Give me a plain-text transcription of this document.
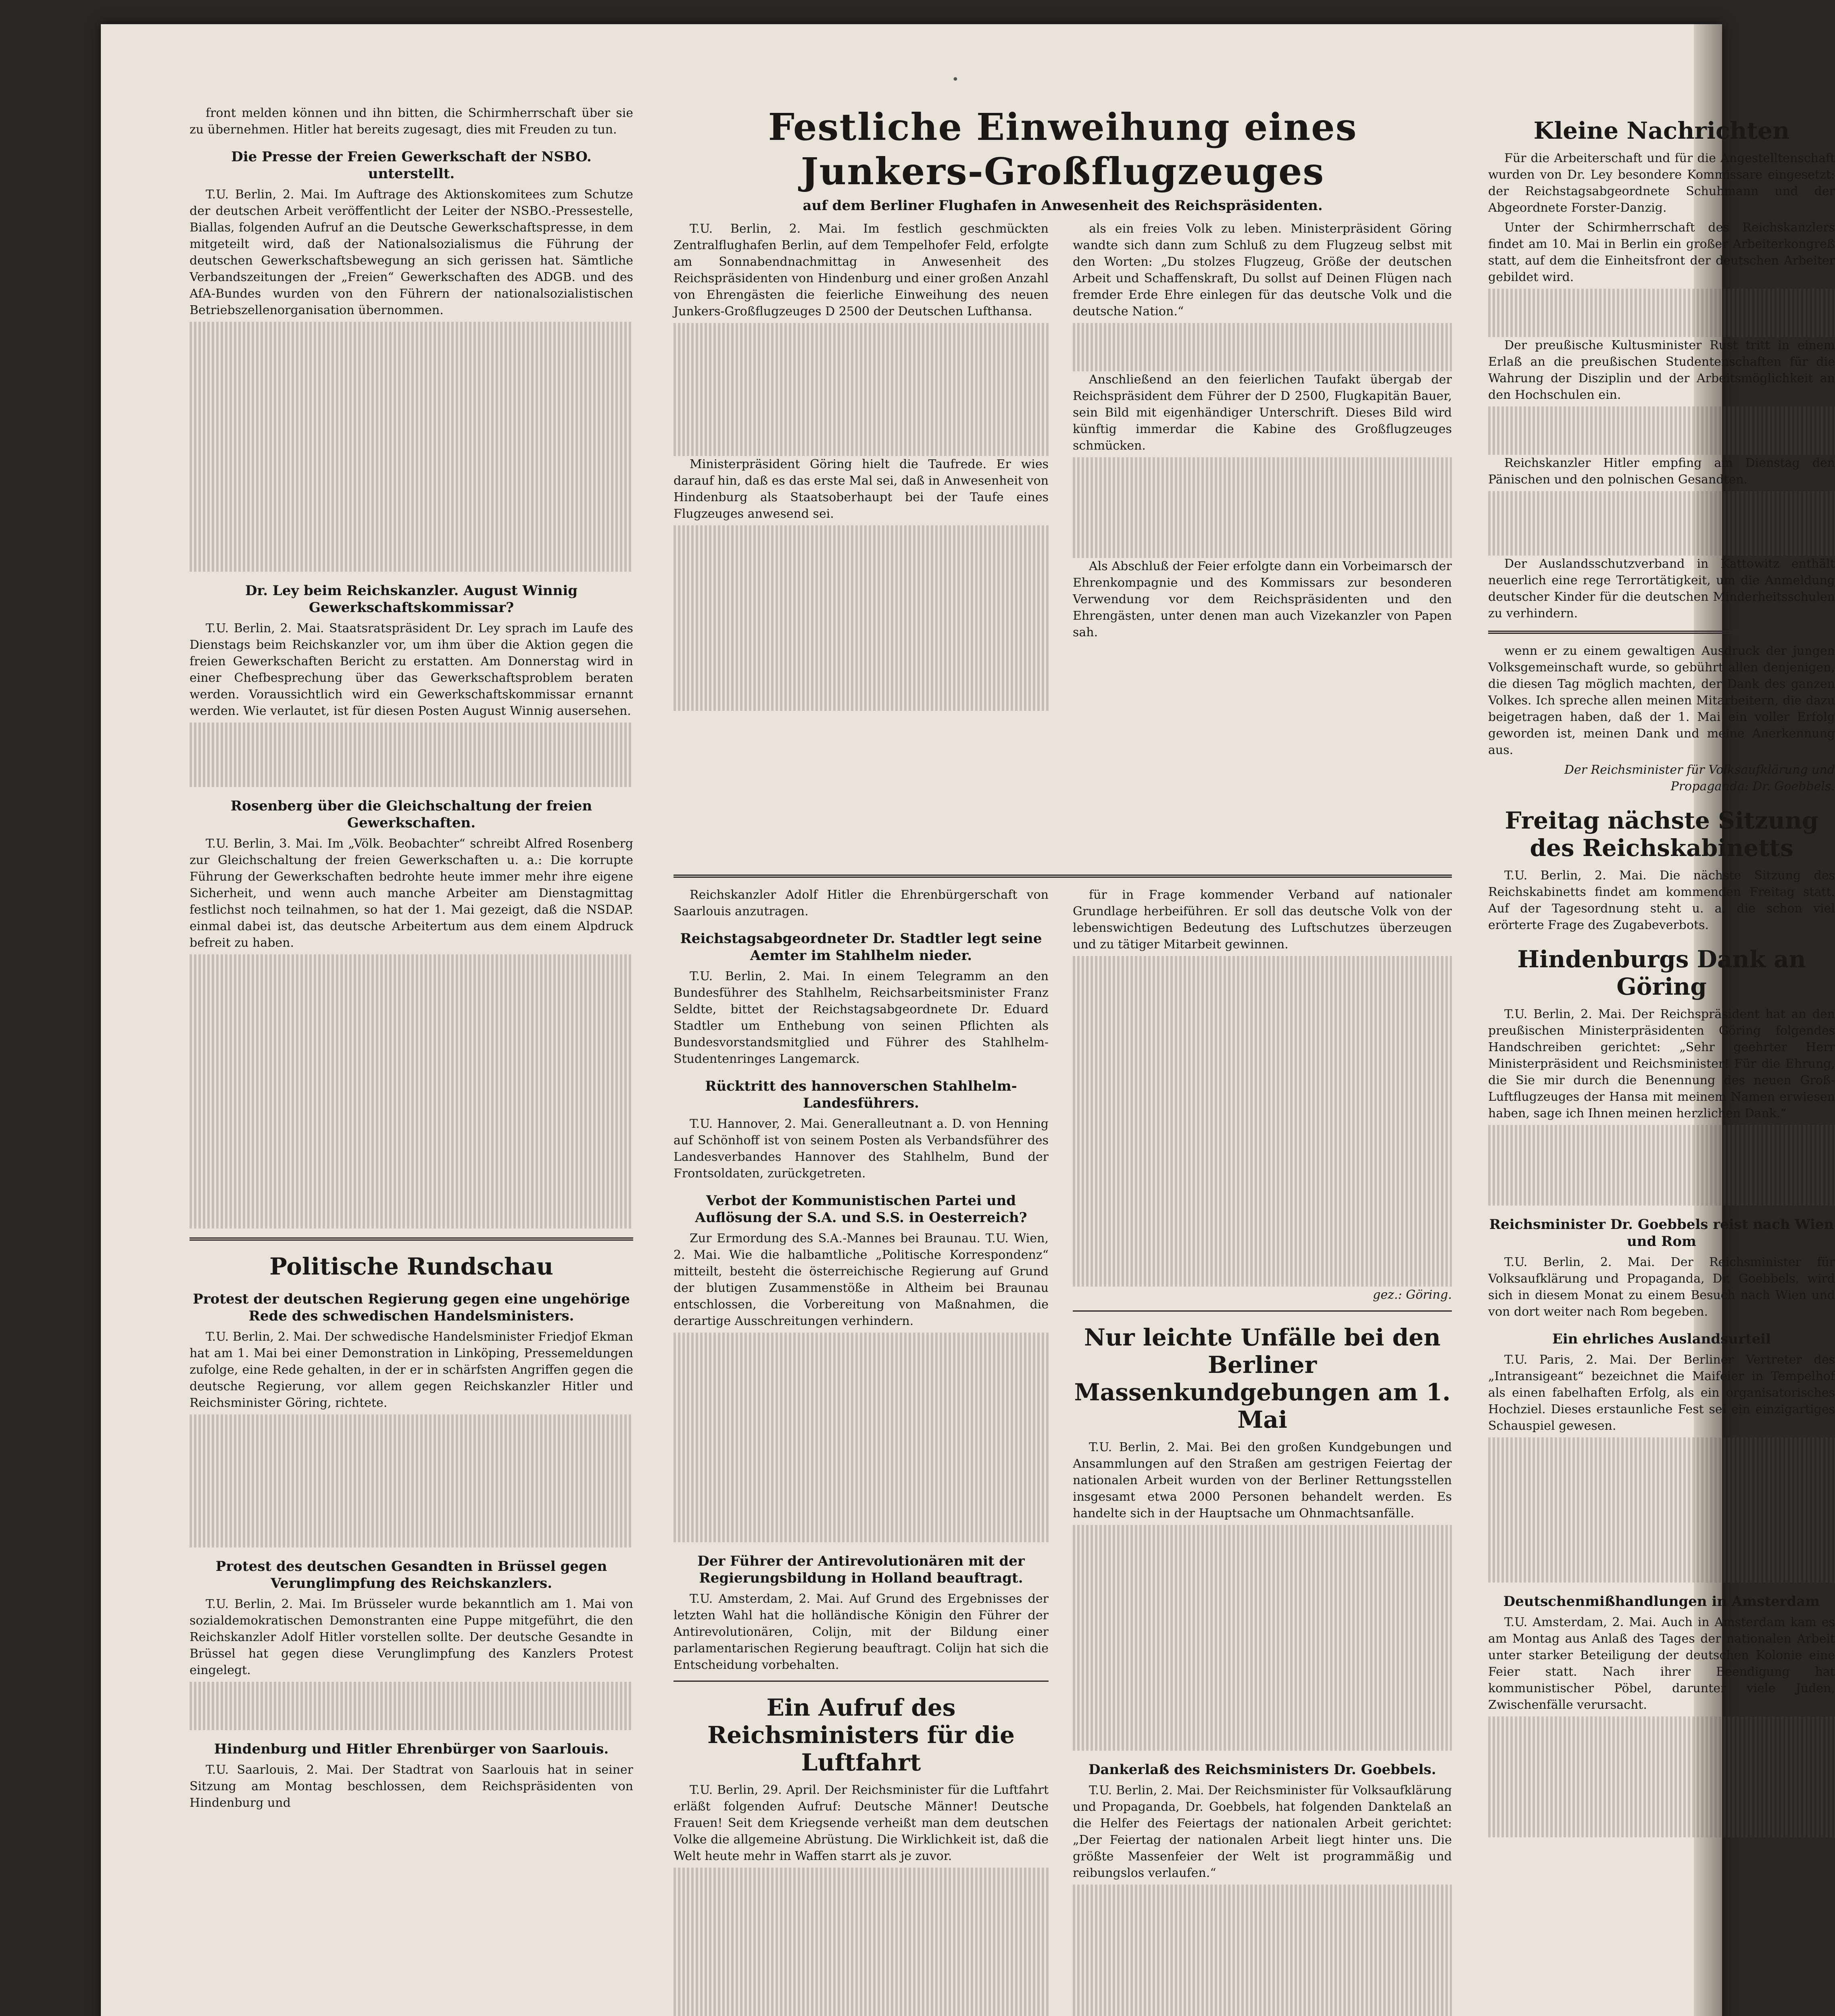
•

front melden können und ihn bitten, die Schirmherrschaft über sie zu übernehmen. Hitler hat bereits zugesagt, dies mit Freuden zu tun.

Die Presse der Freien Gewerkschaft der NSBO. unterstellt.

T.U. Berlin, 2. Mai. Im Auftrage des Aktionskomitees zum Schutze der deutschen Arbeit veröffentlicht der Leiter der NSBO.-Pressestelle, Biallas, folgenden Aufruf an die Deutsche Gewerkschaftspresse, in dem mitgeteilt wird, daß der Nationalsozialismus die Führung der deutschen Gewerkschaftsbewegung an sich gerissen hat. Sämtliche Verbandszeitungen der „Freien“ Gewerkschaften des ADGB. und des AfA-Bundes wurden von den Führern der nationalsozialistischen Betriebszellenorganisation übernommen.

Dr. Ley beim Reichskanzler. August Winnig Gewerkschaftskommissar?

T.U. Berlin, 2. Mai. Staatsratspräsident Dr. Ley sprach im Laufe des Dienstags beim Reichskanzler vor, um ihm über die Aktion gegen die freien Gewerkschaften Bericht zu erstatten. Am Donnerstag wird in einer Chefbesprechung über das Gewerkschaftsproblem beraten werden. Voraussichtlich wird ein Gewerkschaftskommissar ernannt werden. Wie verlautet, ist für diesen Posten August Winnig ausersehen.

Rosenberg über die Gleichschaltung der freien Gewerkschaften.

T.U. Berlin, 3. Mai. Im „Völk. Beobachter“ schreibt Alfred Rosenberg zur Gleichschaltung der freien Gewerkschaften u. a.: Die korrupte Führung der Gewerkschaften bedrohte heute immer mehr ihre eigene Sicherheit, und wenn auch manche Arbeiter am Dienstagmittag festlichst noch teilnahmen, so hat der 1. Mai gezeigt, daß die NSDAP. einmal dabei ist, das deutsche Arbeitertum aus dem einem Alpdruck befreit zu haben.

Politische Rundschau
Protest der deutschen Regierung gegen eine ungehörige Rede des schwedischen Handelsministers.

T.U. Berlin, 2. Mai. Der schwedische Handelsminister Friedjof Ekman hat am 1. Mai bei einer Demonstration in Linköping, Pressemeldungen zufolge, eine Rede gehalten, in der er in schärfsten Angriffen gegen die deutsche Regierung, vor allem gegen Reichskanzler Hitler und Reichsminister Göring, richtete.

Protest des deutschen Gesandten in Brüssel gegen Verunglimpfung des Reichskanzlers.

T.U. Berlin, 2. Mai. Im Brüsseler wurde bekanntlich am 1. Mai von sozialdemokratischen Demonstranten eine Puppe mitgeführt, die den Reichskanzler Adolf Hitler vorstellen sollte. Der deutsche Gesandte in Brüssel hat gegen diese Verunglimpfung des Kanzlers Protest eingelegt.

Hindenburg und Hitler Ehrenbürger von Saarlouis.

T.U. Saarlouis, 2. Mai. Der Stadtrat von Saarlouis hat in seiner Sitzung am Montag beschlossen, dem Reichspräsidenten von Hindenburg und

Festliche Einweihung eines Junkers-Großflugzeuges
auf dem Berliner Flughafen in Anwesenheit des Reichspräsidenten.

T.U. Berlin, 2. Mai. Im festlich geschmückten Zentralflughafen Berlin, auf dem Tempelhofer Feld, erfolgte am Sonnabendnachmittag in Anwesenheit des Reichspräsidenten von Hindenburg und einer großen Anzahl von Ehrengästen die feierliche Einweihung des neuen Junkers-Großflugzeuges D 2500 der Deutschen Lufthansa.

Ministerpräsident Göring hielt die Taufrede. Er wies darauf hin, daß es das erste Mal sei, daß in Anwesenheit von Hindenburg als Staatsoberhaupt bei der Taufe eines Flugzeuges anwesend sei.

als ein freies Volk zu leben. Ministerpräsident Göring wandte sich dann zum Schluß zu dem Flugzeug selbst mit den Worten: „Du stolzes Flugzeug, Größe der deutschen Arbeit und Schaffenskraft, Du sollst auf Deinen Flügen nach fremder Erde Ehre einlegen für das deutsche Volk und die deutsche Nation.“

Anschließend an den feierlichen Taufakt übergab der Reichspräsident dem Führer der D 2500, Flugkapitän Bauer, sein Bild mit eigenhändiger Unterschrift. Dieses Bild wird künftig immerdar die Kabine des Großflugzeuges schmücken.

Als Abschluß der Feier erfolgte dann ein Vorbeimarsch der Ehrenkompagnie und des Kommissars zur besonderen Verwendung vor dem Reichspräsidenten und den Ehrengästen, unter denen man auch Vizekanzler von Papen sah.

Reichskanzler Adolf Hitler die Ehrenbürgerschaft von Saarlouis anzutragen.

Reichstagsabgeordneter Dr. Stadtler legt seine Aemter im Stahlhelm nieder.

T.U. Berlin, 2. Mai. In einem Telegramm an den Bundesführer des Stahlhelm, Reichsarbeitsminister Franz Seldte, bittet der Reichstagsabgeordnete Dr. Eduard Stadtler um Enthebung von seinen Pflichten als Bundesvorstandsmitglied und Führer des Stahlhelm-Studentenringes Langemarck.

Rücktritt des hannoverschen Stahlhelm-Landesführers.

T.U. Hannover, 2. Mai. Generalleutnant a. D. von Henning auf Schönhoff ist von seinem Posten als Verbandsführer des Landesverbandes Hannover des Stahlhelm, Bund der Frontsoldaten, zurückgetreten.

Verbot der Kommunistischen Partei und Auflösung der S.A. und S.S. in Oesterreich?

Zur Ermordung des S.A.-Mannes bei Braunau. T.U. Wien, 2. Mai. Wie die halbamtliche „Politische Korrespondenz“ mitteilt, besteht die österreichische Regierung auf Grund der blutigen Zusammenstöße in Altheim bei Braunau entschlossen, die Vorbereitung von Maßnahmen, die derartige Ausschreitungen verhindern.

Der Führer der Antirevolutionären mit der Regierungsbildung in Holland beauftragt.

T.U. Amsterdam, 2. Mai. Auf Grund des Ergebnisses der letzten Wahl hat die holländische Königin den Führer der Antirevolutionären, Colijn, mit der Bildung einer parlamentarischen Regierung beauftragt. Colijn hat sich die Entscheidung vorbehalten.

Ein Aufruf des Reichsministers für die Luftfahrt

T.U. Berlin, 29. April. Der Reichsminister für die Luftfahrt erläßt folgenden Aufruf: Deutsche Männer! Deutsche Frauen! Seit dem Kriegsende verheißt man dem deutschen Volke die allgemeine Abrüstung. Die Wirklichkeit ist, daß die Welt heute mehr in Waffen starrt als je zuvor.

für in Frage kommender Verband auf nationaler Grundlage herbeiführen. Er soll das deutsche Volk von der lebenswichtigen Bedeutung des Luftschutzes überzeugen und zu tätiger Mitarbeit gewinnen.

gez.: Göring.
Nur leichte Unfälle bei den Berliner Massenkundgebungen am 1. Mai

T.U. Berlin, 2. Mai. Bei den großen Kundgebungen und Ansammlungen auf den Straßen am gestrigen Feiertag der nationalen Arbeit wurden von der Berliner Rettungsstellen insgesamt etwa 2000 Personen behandelt werden. Es handelte sich in der Hauptsache um Ohnmachtsanfälle.

Dankerlaß des Reichsministers Dr. Goebbels.

T.U. Berlin, 2. Mai. Der Reichsminister für Volksaufklärung und Propaganda, Dr. Goebbels, hat folgenden Danktelaß an die Helfer des Feiertags der nationalen Arbeit gerichtet: „Der Feiertag der nationalen Arbeit liegt hinter uns. Die größte Massenfeier der Welt ist programmäßig und reibungslos verlaufen.“

Kleine Nachrichten

Für die Arbeiterschaft und für die Angestelltenschaft wurden von Dr. Ley besondere Kommissare eingesetzt: der Reichstagsabgeordnete Schuhmann und der Abgeordnete Forster-Danzig.

Unter der Schirmherrschaft des Reichskanzlers findet am 10. Mai in Berlin ein großer Arbeiterkongreß statt, auf dem die Einheitsfront der deutschen Arbeiter gebildet wird.

Der preußische Kultusminister Rust tritt in einem Erlaß an die preußischen Studentenschaften für die Wahrung der Disziplin und der Arbeitsmöglichkeit an den Hochschulen ein.

Reichskanzler Hitler empfing am Dienstag den Pänischen und den polnischen Gesandten.

Der Auslandsschutzverband in Kattowitz enthält neuerlich eine rege Terrortätigkeit, um die Anmeldung deutscher Kinder für die deutschen Minderheitsschulen zu verhindern.

wenn er zu einem gewaltigen Ausdruck der jungen Volksgemeinschaft wurde, so gebührt allen denjenigen, die diesen Tag möglich machten, der Dank des ganzen Volkes. Ich spreche allen meinen Mitarbeitern, die dazu beigetragen haben, daß der 1. Mai ein voller Erfolg geworden ist, meinen Dank und meine Anerkennung aus.

Der Reichsminister für Volksaufklärung und Propaganda: Dr. Goebbels.
Freitag nächste Sitzung des Reichskabinetts

T.U. Berlin, 2. Mai. Die nächste Sitzung des Reichskabinetts findet am kommenden Freitag statt. Auf der Tagesordnung steht u. a. die schon viel erörterte Frage des Zugabeverbots.

Hindenburgs Dank an Göring

T.U. Berlin, 2. Mai. Der Reichspräsident hat an den preußischen Ministerpräsidenten Göring folgendes Handschreiben gerichtet: „Sehr geehrter Herr Ministerpräsident und Reichsminister! Für die Ehrung, die Sie mir durch die Benennung des neuen Groß-Luftflugzeuges der Hansa mit meinem Namen erwiesen haben, sage ich Ihnen meinen herzlichen Dank.“

Reichsminister Dr. Goebbels reist nach Wien und Rom

T.U. Berlin, 2. Mai. Der Reichsminister für Volksaufklärung und Propaganda, Dr. Goebbels, wird sich in diesem Monat zu einem Besuch nach Wien und von dort weiter nach Rom begeben.

Ein ehrliches Auslandsurteil

T.U. Paris, 2. Mai. Der Berliner Vertreter des „Intransigeant“ bezeichnet die Maifeier in Tempelhof als einen fabelhaften Erfolg, als ein organisatorisches Hochziel. Dieses erstaunliche Fest sei ein einzigartiges Schauspiel gewesen.

Deutschenmißhandlungen in Amsterdam

T.U. Amsterdam, 2. Mai. Auch in Amsterdam kam es am Montag aus Anlaß des Tages der nationalen Arbeit unter starker Beteiligung der deutschen Kolonie eine Feier statt. Nach ihrer Beendigung hat kommunistischer Pöbel, darunter viele Juden, Zwischenfälle verursacht.
